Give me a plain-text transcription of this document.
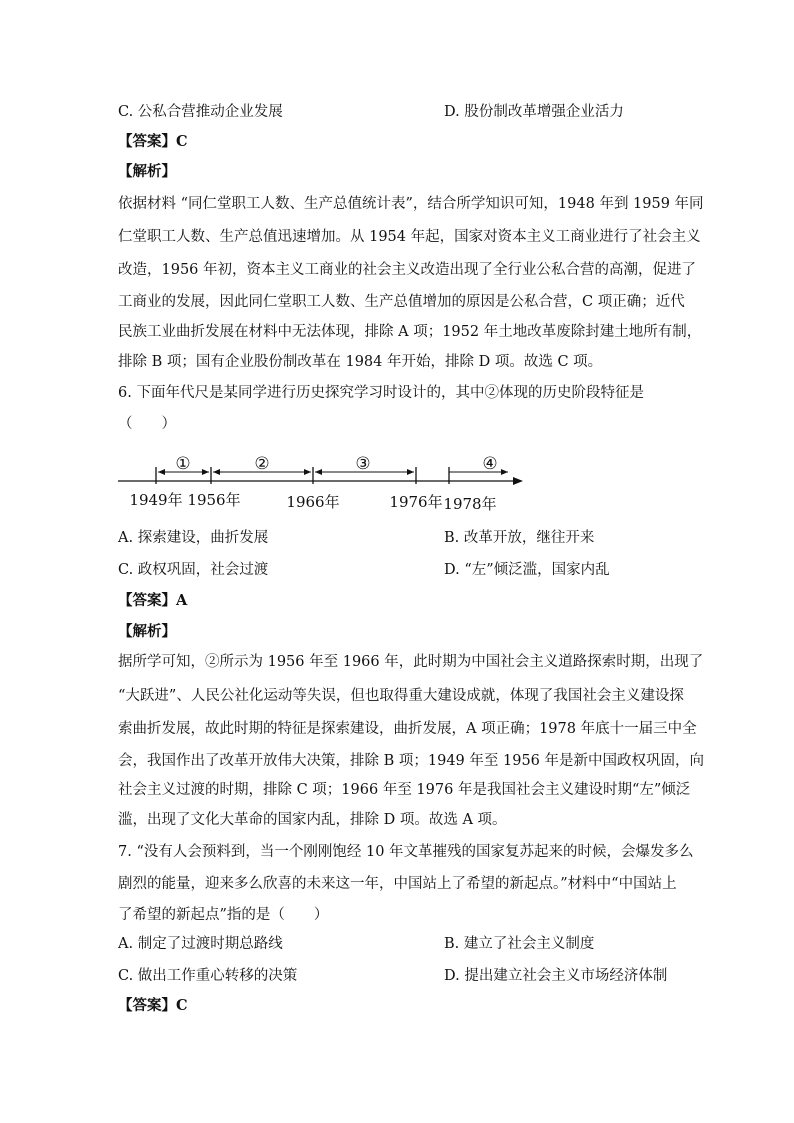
C. 公私合营推动企业发展	D. 股份制改革增强企业活力
【答案】C
【解析】
依据材料 “同仁堂职工人数、生产总值统计表”，结合所学知识可知，1948 年到 1959 年同
仁堂职工人数、生产总值迅速增加。从 1954 年起，国家对资本主义工商业进行了社会主义
改造，1956 年初，资本主义工商业的社会主义改造出现了全行业公私合营的高潮，促进了
工商业的发展，因此同仁堂职工人数、生产总值增加的原因是公私合营，C 项正确；近代
民族工业曲折发展在材料中无法体现，排除 A 项；1952 年土地改革废除封建土地所有制，
排除 B 项；国有企业股份制改革在 1984 年开始，排除 D 项。故选 C 项。
6. 下面年代尺是某同学进行历史探究学习时设计的，其中②体现的历史阶段特征是
（　　）
①	②	③	④
1949年 1956年	1966年	1976年 1978年
A. 探索建设，曲折发展	B. 改革开放，继往开来
C. 政权巩固，社会过渡	D. “左”倾泛滥，国家内乱
【答案】A
【解析】
据所学可知，②所示为 1956 年至 1966 年，此时期为中国社会主义道路探索时期，出现了
“大跃进”、人民公社化运动等失误，但也取得重大建设成就，体现了我国社会主义建设探
索曲折发展，故此时期的特征是探索建设，曲折发展，A 项正确；1978 年底十一届三中全
会，我国作出了改革开放伟大决策，排除 B 项；1949 年至 1956 年是新中国政权巩固，向
社会主义过渡的时期，排除 C 项；1966 年至 1976 年是我国社会主义建设时期“左”倾泛
滥，出现了文化大革命的国家内乱，排除 D 项。故选 A 项。
7. “没有人会预料到，当一个刚刚饱经 10 年文革摧残的国家复苏起来的时候，会爆发多么
剧烈的能量，迎来多么欣喜的未来这一年，中国站上了希望的新起点。”材料中“中国站上
了希望的新起点”指的是（　　）
A. 制定了过渡时期总路线	B. 建立了社会主义制度
C. 做出工作重心转移的决策	D. 提出建立社会主义市场经济体制
【答案】C
